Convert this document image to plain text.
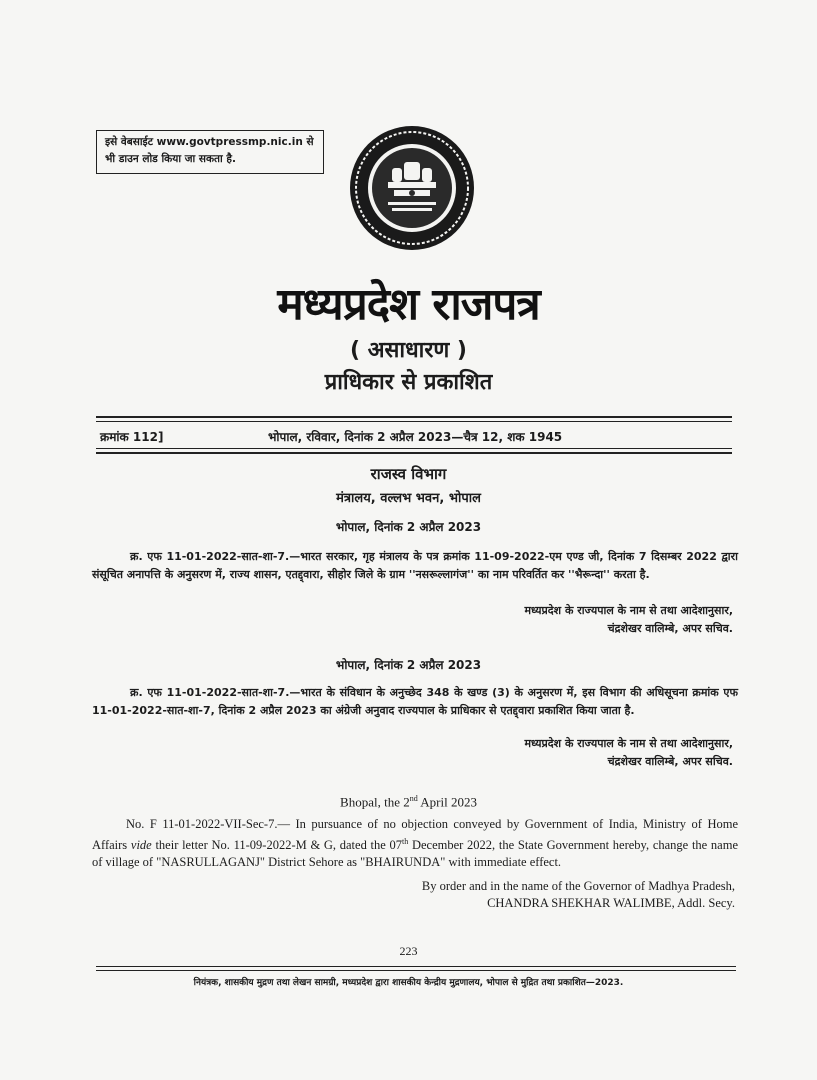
इसे वेबसाईट www.govtpressmp.nic.in से
भी डाउन लोड किया जा सकता है.
मध्यप्रदेश राजपत्र
( असाधारण )
प्राधिकार से प्रकाशित
क्रमांक 112]	भोपाल, रविवार, दिनांक 2 अप्रैल 2023—चैत्र 12, शक 1945
राजस्व विभाग
मंत्रालय, वल्लभ भवन, भोपाल
भोपाल, दिनांक 2 अप्रैल 2023
क्र. एफ 11-01-2022-सात-शा-7.—भारत सरकार, गृह मंत्रालय के पत्र क्रमांक 11-09-2022-एम एण्ड जी, दिनांक 7 दिसम्बर 2022 द्वारा संसूचित अनापत्ति के अनुसरण में, राज्य शासन, एतद्द्वारा, सीहोर जिले के ग्राम ''नसरूल्लागंज'' का नाम परिवर्तित कर ''भैरून्दा'' करता है.
मध्यप्रदेश के राज्यपाल के नाम से तथा आदेशानुसार,
चंद्रशेखर वालिम्बे, अपर सचिव.
भोपाल, दिनांक 2 अप्रैल 2023
क्र. एफ 11-01-2022-सात-शा-7.—भारत के संविधान के अनुच्छेद 348 के खण्ड (3) के अनुसरण में, इस विभाग की अधिसूचना क्रमांक एफ 11-01-2022-सात-शा-7, दिनांक 2 अप्रैल 2023 का अंग्रेजी अनुवाद राज्यपाल के प्राधिकार से एतद्द्वारा प्रकाशित किया जाता है.
मध्यप्रदेश के राज्यपाल के नाम से तथा आदेशानुसार,
चंद्रशेखर वालिम्बे, अपर सचिव.
Bhopal, the 2nd April 2023
No. F 11-01-2022-VII-Sec-7.— In pursuance of no objection conveyed by Government of India, Ministry of Home Affairs vide their letter No. 11-09-2022-M & G, dated the 07th December 2022, the State Government hereby, change the name of village of "NASRULLAGANJ" District Sehore as "BHAIRUNDA" with immediate effect.
By order and in the name of the Governor of Madhya Pradesh,
CHANDRA SHEKHAR WALIMBE, Addl. Secy.
223
नियंत्रक, शासकीय मुद्रण तथा लेखन सामग्री, मध्यप्रदेश द्वारा शासकीय केन्द्रीय मुद्रणालय, भोपाल से मुद्रित तथा प्रकाशित—2023.
